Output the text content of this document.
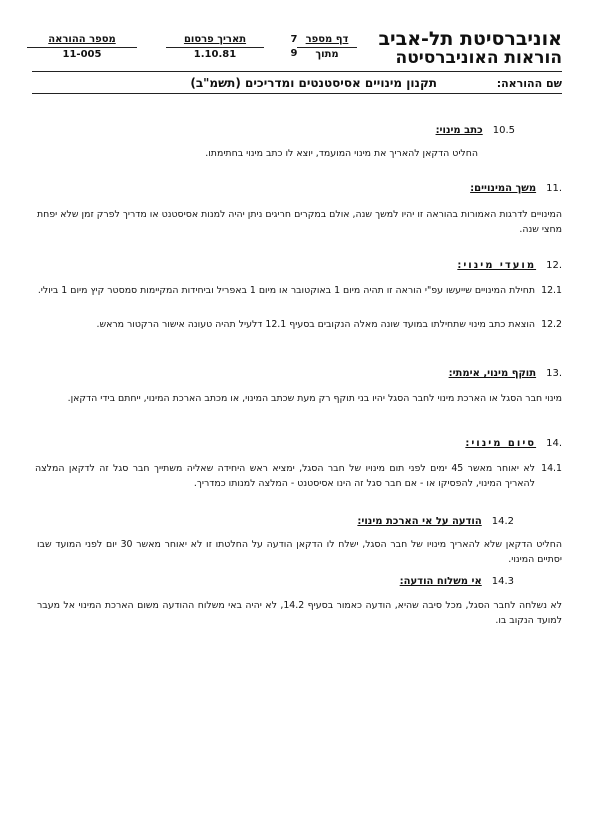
אוניברסיטת תל-אביב
הוראות האוניברסיטה
דף מספר
מתוך
7
9
תאריך פרסום
1.10.81
מספר ההוראה
11-005
שם ההוראה:
תקנון מינויים אסיסטנטים ומדריכים (תשמ"ב)
10.5כתב מינוי:
החליט הדקאן להאריך את מינוי המועמד, יוצא לו כתב מינוי בחתימתו.
.11משך המינויים:
המינויים לדרגות האמורות בהוראה זו יהיו למשך שנה, אולם במקרים חריגים ניתן יהיה למנות אסיסטנט או מדריך לפרק זמן שלא יפחת מחצי שנה.
.12מועדי מינוי:
12.1
תחילת המינויים שייעשו עפ"י הוראה זו תהיה מיום 1 באוקטובר או מיום 1 באפריל וביחידות המקיימות סמסטר קיץ מיום 1 ביולי.
12.2
הוצאת כתב מינוי שתחילתו במועד שונה מאלה הנקובים בסעיף 12.1 דלעיל תהיה טעונה אישור הרקטור מראש.
.13תוקף מינוי, אימתי:
מינוי חבר הסגל או הארכת מינוי לחבר הסגל יהיו בני תוקף רק מעת שכתב המינוי, או מכתב הארכת המינוי, ייחתם בידי הדקאן.
.14סיום מינוי:
14.1
לא יאוחר מאשר 45 ימים לפני תום מינויו של חבר הסגל, ימציא ראש היחידה שאליה משתייך חבר סגל זה לדקאן המלצה להאריך המינוי, להפסיקו או - אם חבר סגל זה הינו אסיסטנט - המלצה למנותו כמדריך.
14.2הודעה על אי הארכת מינוי:
החליט הדקאן שלא להאריך מינויו של חבר הסגל, ישלח לו הדקאן הודעה על החלטתו זו לא יאוחר מאשר 30 יום לפני המועד שבו יסתיים המינוי.
14.3אי משלוח הודעה:
לא נשלחה לחבר הסגל, מכל סיבה שהיא, הודעה כאמור בסעיף 14.2, לא יהיה באי משלוח ההודעה משום הארכת המינוי אל מעבר למועד הנקוב בו.
